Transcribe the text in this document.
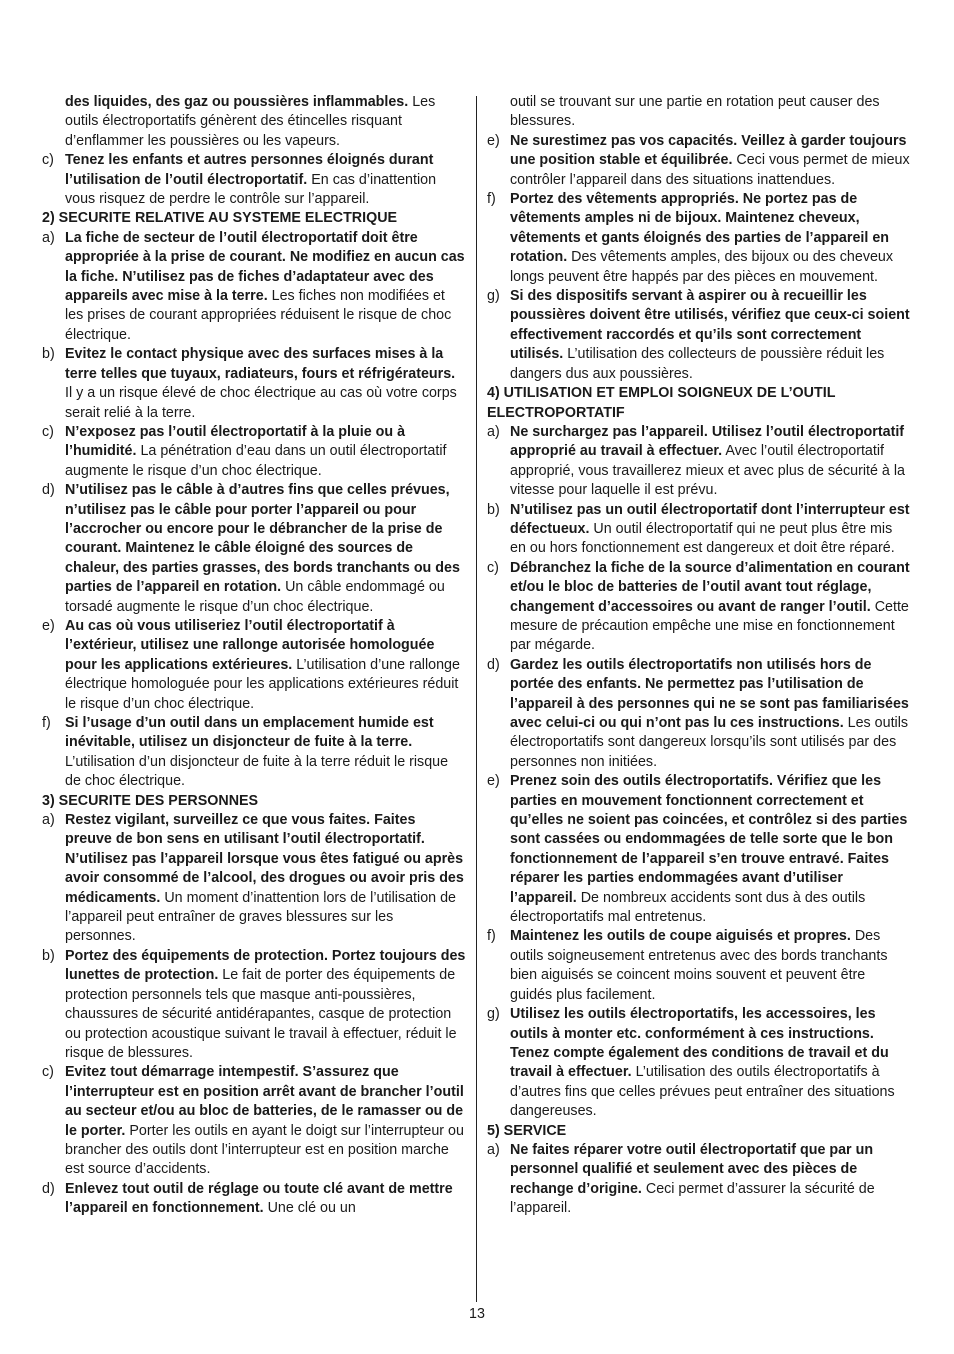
des liquides, des gaz ou poussières inflammables. Les outils électroportatifs génèrent des étincelles risquant d’enflammer les poussières ou les vapeurs.
c) Tenez les enfants et autres personnes éloignés durant l’utilisation de l’outil électroportatif. En cas d’inattention vous risquez de perdre le contrôle sur l’appareil.
2) SECURITE RELATIVE AU SYSTEME ELECTRIQUE
a) La fiche de secteur de l’outil électroportatif doit être appropriée à la prise de courant. Ne modifiez en aucun cas la fiche. N’utilisez pas de fiches d’adaptateur avec des appareils avec mise à la terre. Les fiches non modifiées et les prises de courant appropriées réduisent le risque de choc électrique.
b) Evitez le contact physique avec des surfaces mises à la terre telles que tuyaux, radiateurs, fours et réfrigérateurs. Il y a un risque élevé de choc électrique au cas où votre corps serait relié à la terre.
c) N’exposez pas l’outil électroportatif à la pluie ou à l’humidité. La pénétration d’eau dans un outil électroportatif augmente le risque d’un choc électrique.
d) N’utilisez pas le câble à d’autres fins que celles prévues, n’utilisez pas le câble pour porter l’appareil ou pour l’accrocher ou encore pour le débrancher de la prise de courant. Maintenez le câble éloigné des sources de chaleur, des parties grasses, des bords tranchants ou des parties de l’appareil en rotation. Un câble endommagé ou torsadé augmente le risque d’un choc électrique.
e) Au cas où vous utiliseriez l’outil électroportatif à l’extérieur, utilisez une rallonge autorisée homologuée pour les applications extérieures. L’utilisation d’une rallonge électrique homologuée pour les applications extérieures réduit le risque d’un choc électrique.
f) Si l’usage d’un outil dans un emplacement humide est inévitable, utilisez un disjoncteur de fuite à la terre. L’utilisation d’un disjoncteur de fuite à la terre réduit le risque de choc électrique.
3) SECURITE DES PERSONNES
a) Restez vigilant, surveillez ce que vous faites. Faites preuve de bon sens en utilisant l’outil électroportatif. N’utilisez pas l’appareil lorsque vous êtes fatigué ou après avoir consommé de l’alcool, des drogues ou avoir pris des médicaments. Un moment d’inattention lors de l’utilisation de l’appareil peut entraîner de graves blessures sur les personnes.
b) Portez des équipements de protection. Portez toujours des lunettes de protection. Le fait de porter des équipements de protection personnels tels que masque anti-poussières, chaussures de sécurité antidérapantes, casque de protection ou protection acoustique suivant le travail à effectuer, réduit le risque de blessures.
c) Evitez tout démarrage intempestif. S’assurez que l’interrupteur est en position arrêt avant de brancher l’outil au secteur et/ou au bloc de batteries, de le ramasser ou de le porter. Porter les outils en ayant le doigt sur l’interrupteur ou brancher des outils dont l’interrupteur est en position marche est source d’accidents.
d) Enlevez tout outil de réglage ou toute clé avant de mettre l’appareil en fonctionnement. Une clé ou un
outil se trouvant sur une partie en rotation peut causer des blessures.
e) Ne surestimez pas vos capacités. Veillez à garder toujours une position stable et équilibrée. Ceci vous permet de mieux contrôler l’appareil dans des situations inattendues.
f) Portez des vêtements appropriés. Ne portez pas de vêtements amples ni de bijoux. Maintenez cheveux, vêtements et gants éloignés des parties de l’appareil en rotation. Des vêtements amples, des bijoux ou des cheveux longs peuvent être happés par des pièces en mouvement.
g) Si des dispositifs servant à aspirer ou à recueillir les poussières doivent être utilisés, vérifiez que ceux-ci soient effectivement raccordés et qu’ils sont correctement utilisés. L’utilisation des collecteurs de poussière réduit les dangers dus aux poussières.
4) UTILISATION ET EMPLOI SOIGNEUX DE L’OUTIL ELECTROPORTATIF
a) Ne surchargez pas l’appareil. Utilisez l’outil électroportatif approprié au travail à effectuer. Avec l’outil électroportatif approprié, vous travaillerez mieux et avec plus de sécurité à la vitesse pour laquelle il est prévu.
b) N’utilisez pas un outil électroportatif dont l’interrupteur est défectueux. Un outil électroportatif qui ne peut plus être mis en ou hors fonctionnement est dangereux et doit être réparé.
c) Débranchez la fiche de la source d’alimentation en courant et/ou le bloc de batteries de l’outil avant tout réglage, changement d’accessoires ou avant de ranger l’outil. Cette mesure de précaution empêche une mise en fonctionnement par mégarde.
d) Gardez les outils électroportatifs non utilisés hors de portée des enfants. Ne permettez pas l’utilisation de l’appareil à des personnes qui ne se sont pas familiarisées avec celui-ci ou qui n’ont pas lu ces instructions. Les outils électroportatifs sont dangereux lorsqu’ils sont utilisés par des personnes non initiées.
e) Prenez soin des outils électroportatifs. Vérifiez que les parties en mouvement fonctionnent correctement et qu’elles ne soient pas coincées, et contrôlez si des parties sont cassées ou endommagées de telle sorte que le bon fonctionnement de l’appareil s’en trouve entravé. Faites réparer les parties endommagées avant d’utiliser l’appareil. De nombreux accidents sont dus à des outils électroportatifs mal entretenus.
f) Maintenez les outils de coupe aiguisés et propres. Des outils soigneusement entretenus avec des bords tranchants bien aiguisés se coincent moins souvent et peuvent être guidés plus facilement.
g) Utilisez les outils électroportatifs, les accessoires, les outils à monter etc. conformément à ces instructions. Tenez compte également des conditions de travail et du travail à effectuer. L’utilisation des outils électroportatifs à d’autres fins que celles prévues peut entraîner des situations dangereuses.
5) SERVICE
a) Ne faites réparer votre outil électroportatif que par un personnel qualifié et seulement avec des pièces de rechange d’origine. Ceci permet d’assurer la sécurité de l’appareil.
13
